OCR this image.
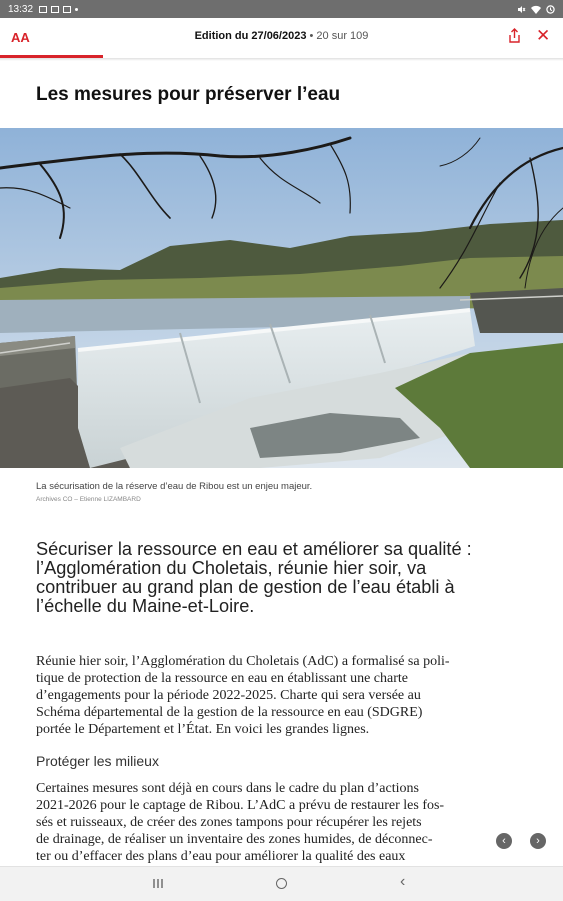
13:32
AA	Edition du 27/06/2023 • 20 sur 109	✕
Les mesures pour préserver l’eau
La sécurisation de la réserve d’eau de Ribou est un enjeu majeur.
Archives CO – Etienne LIZAMBARD
Sécuriser la ressource en eau et améliorer sa qualité :
l’Agglomération du Choletais, réunie hier soir, va
contribuer au grand plan de gestion de l’eau établi à
l’échelle du Maine-et-Loire.
Réunie hier soir, l’Agglomération du Choletais (AdC) a formalisé sa poli-
tique de protection de la ressource en eau en établissant une charte
d’engagements pour la période 2022-2025. Charte qui sera versée au
Schéma départemental de la gestion de la ressource en eau (SDGRE)
portée le Département et l’État. En voici les grandes lignes.
Protéger les milieux
Certaines mesures sont déjà en cours dans le cadre du plan d’actions
2021-2026 pour le captage de Ribou. L’AdC a prévu de restaurer les fos-
sés et ruisseaux, de créer des zones tampons pour récupérer les rejets
de drainage, de réaliser un inventaire des zones humides, de déconnec-
ter ou d’effacer des plans d’eau pour améliorer la qualité des eaux
‹	›
‹
